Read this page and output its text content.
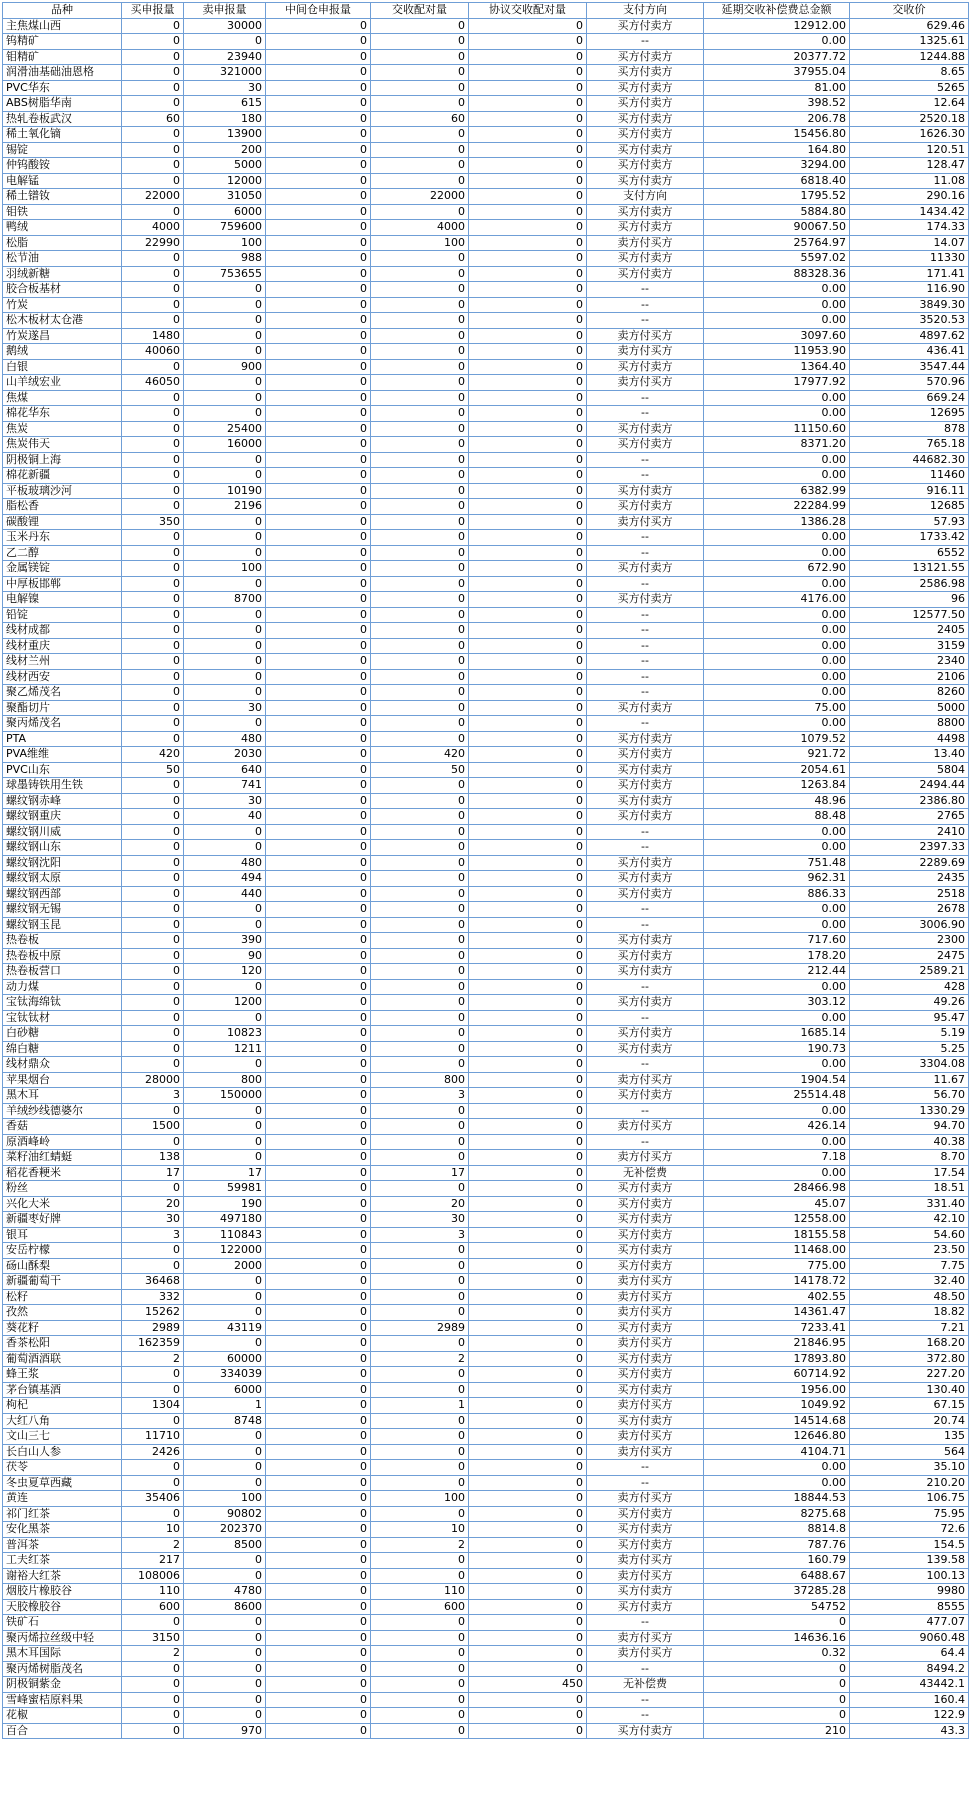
品种	买申报量	卖申报量	中间仓申报量	交收配对量	协议交收配对量	支付方向	延期交收补偿费总金额	交收价
主焦煤山西	0	30000	0	0	0	买方付卖方	12912.00	629.46
钨精矿	0	0	0	0	0	--	0.00	1325.61
钼精矿	0	23940	0	0	0	买方付卖方	20377.72	1244.88
润滑油基础油恩格	0	321000	0	0	0	买方付卖方	37955.04	8.65
PVC华东	0	30	0	0	0	买方付卖方	81.00	5265
ABS树脂华南	0	615	0	0	0	买方付卖方	398.52	12.64
热轧卷板武汉	60	180	0	60	0	买方付卖方	206.78	2520.18
稀土氧化镝	0	13900	0	0	0	买方付卖方	15456.80	1626.30
锡锭	0	200	0	0	0	买方付卖方	164.80	120.51
仲钨酸铵	0	5000	0	0	0	买方付卖方	3294.00	128.47
电解锰	0	12000	0	0	0	买方付卖方	6818.40	11.08
稀土镨钕	22000	31050	0	22000	0	支付方向	1795.52	290.16
钼铁	0	6000	0	0	0	买方付卖方	5884.80	1434.42
鸭绒	4000	759600	0	4000	0	买方付卖方	90067.50	174.33
松脂	22990	100	0	100	0	卖方付买方	25764.97	14.07
松节油	0	988	0	0	0	买方付卖方	5597.02	11330
羽绒新糖	0	753655	0	0	0	买方付卖方	88328.36	171.41
胶合板基材	0	0	0	0	0	--	0.00	116.90
竹炭	0	0	0	0	0	--	0.00	3849.30
松木板材太仓港	0	0	0	0	0	--	0.00	3520.53
竹炭遂昌	1480	0	0	0	0	卖方付买方	3097.60	4897.62
鹅绒	40060	0	0	0	0	卖方付买方	11953.90	436.41
白银	0	900	0	0	0	买方付卖方	1364.40	3547.44
山羊绒宏业	46050	0	0	0	0	卖方付买方	17977.92	570.96
焦煤	0	0	0	0	0	--	0.00	669.24
棉花华东	0	0	0	0	0	--	0.00	12695
焦炭	0	25400	0	0	0	买方付卖方	11150.60	878
焦炭伟天	0	16000	0	0	0	买方付卖方	8371.20	765.18
阴极铜上海	0	0	0	0	0	--	0.00	44682.30
棉花新疆	0	0	0	0	0	--	0.00	11460
平板玻璃沙河	0	10190	0	0	0	买方付卖方	6382.99	916.11
脂松香	0	2196	0	0	0	买方付卖方	22284.99	12685
碳酸锂	350	0	0	0	0	卖方付买方	1386.28	57.93
玉米丹东	0	0	0	0	0	--	0.00	1733.42
乙二醇	0	0	0	0	0	--	0.00	6552
金属镁锭	0	100	0	0	0	买方付卖方	672.90	13121.55
中厚板邯郸	0	0	0	0	0	--	0.00	2586.98
电解镍	0	8700	0	0	0	买方付卖方	4176.00	96
铅锭	0	0	0	0	0	--	0.00	12577.50
线材成都	0	0	0	0	0	--	0.00	2405
线材重庆	0	0	0	0	0	--	0.00	3159
线材兰州	0	0	0	0	0	--	0.00	2340
线材西安	0	0	0	0	0	--	0.00	2106
聚乙烯茂名	0	0	0	0	0	--	0.00	8260
聚酯切片	0	30	0	0	0	买方付卖方	75.00	5000
聚丙烯茂名	0	0	0	0	0	--	0.00	8800
PTA	0	480	0	0	0	买方付卖方	1079.52	4498
PVA维维	420	2030	0	420	0	买方付卖方	921.72	13.40
PVC山东	50	640	0	50	0	买方付卖方	2054.61	5804
球墨铸铁用生铁	0	741	0	0	0	买方付卖方	1263.84	2494.44
螺纹钢赤峰	0	30	0	0	0	买方付卖方	48.96	2386.80
螺纹钢重庆	0	40	0	0	0	买方付卖方	88.48	2765
螺纹钢川威	0	0	0	0	0	--	0.00	2410
螺纹钢山东	0	0	0	0	0	--	0.00	2397.33
螺纹钢沈阳	0	480	0	0	0	买方付卖方	751.48	2289.69
螺纹钢太原	0	494	0	0	0	买方付卖方	962.31	2435
螺纹钢西部	0	440	0	0	0	买方付卖方	886.33	2518
螺纹钢无锡	0	0	0	0	0	--	0.00	2678
螺纹钢玉昆	0	0	0	0	0	--	0.00	3006.90
热卷板	0	390	0	0	0	买方付卖方	717.60	2300
热卷板中原	0	90	0	0	0	买方付卖方	178.20	2475
热卷板营口	0	120	0	0	0	买方付卖方	212.44	2589.21
动力煤	0	0	0	0	0	--	0.00	428
宝钛海绵钛	0	1200	0	0	0	买方付卖方	303.12	49.26
宝钛钛材	0	0	0	0	0	--	0.00	95.47
白砂糖	0	10823	0	0	0	买方付卖方	1685.14	5.19
绵白糖	0	1211	0	0	0	买方付卖方	190.73	5.25
线材鼎众	0	0	0	0	0	--	0.00	3304.08
苹果烟台	28000	800	0	800	0	卖方付买方	1904.54	11.67
黑木耳	3	150000	0	3	0	买方付卖方	25514.48	56.70
羊绒纱线德婆尔	0	0	0	0	0	--	0.00	1330.29
香菇	1500	0	0	0	0	卖方付买方	426.14	94.70
原酒峰岭	0	0	0	0	0	--	0.00	40.38
菜籽油红蜻蜓	138	0	0	0	0	卖方付买方	7.18	8.70
稻花香粳米	17	17	0	17	0	无补偿费	0.00	17.54
粉丝	0	59981	0	0	0	买方付卖方	28466.98	18.51
兴化大米	20	190	0	20	0	买方付卖方	45.07	331.40
新疆枣好牌	30	497180	0	30	0	买方付卖方	12558.00	42.10
银耳	3	110843	0	3	0	买方付卖方	18155.58	54.60
安岳柠檬	0	122000	0	0	0	买方付卖方	11468.00	23.50
砀山酥梨	0	2000	0	0	0	买方付卖方	775.00	7.75
新疆葡萄干	36468	0	0	0	0	卖方付买方	14178.72	32.40
松籽	332	0	0	0	0	卖方付买方	402.55	48.50
孜然	15262	0	0	0	0	卖方付买方	14361.47	18.82
葵花籽	2989	43119	0	2989	0	买方付卖方	7233.41	7.21
香茶松阳	162359	0	0	0	0	卖方付买方	21846.95	168.20
葡萄酒酒联	2	60000	0	2	0	买方付卖方	17893.80	372.80
蜂王浆	0	334039	0	0	0	买方付卖方	60714.92	227.20
茅台镇基酒	0	6000	0	0	0	买方付卖方	1956.00	130.40
枸杞	1304	1	0	1	0	卖方付买方	1049.92	67.15
大红八角	0	8748	0	0	0	买方付卖方	14514.68	20.74
文山三七	11710	0	0	0	0	卖方付买方	12646.80	135
长白山人参	2426	0	0	0	0	卖方付买方	4104.71	564
茯苓	0	0	0	0	0	--	0.00	35.10
冬虫夏草西藏	0	0	0	0	0	--	0.00	210.20
黄连	35406	100	0	100	0	卖方付买方	18844.53	106.75
祁门红茶	0	90802	0	0	0	买方付卖方	8275.68	75.95
安化黑茶	10	202370	0	10	0	买方付卖方	8814.8	72.6
普洱茶	2	8500	0	2	0	买方付卖方	787.76	154.5
工夫红茶	217	0	0	0	0	卖方付买方	160.79	139.58
谢裕大红茶	108006	0	0	0	0	卖方付买方	6488.67	100.13
烟胶片橡胶谷	110	4780	0	110	0	买方付卖方	37285.28	9980
天胶橡胶谷	600	8600	0	600	0	买方付卖方	54752	8555
铁矿石	0	0	0	0	0	--	0	477.07
聚丙烯拉丝级中轻	3150	0	0	0	0	卖方付买方	14636.16	9060.48
黑木耳国际	2	0	0	0	0	卖方付买方	0.32	64.4
聚丙烯树脂茂名	0	0	0	0	0	--	0	8494.2
阴极铜紫金	0	0	0	0	450	无补偿费	0	43442.1
雪峰蜜桔原料果	0	0	0	0	0	--	0	160.4
花椒	0	0	0	0	0	--	0	122.9
百合	0	970	0	0	0	买方付卖方	210	43.3
